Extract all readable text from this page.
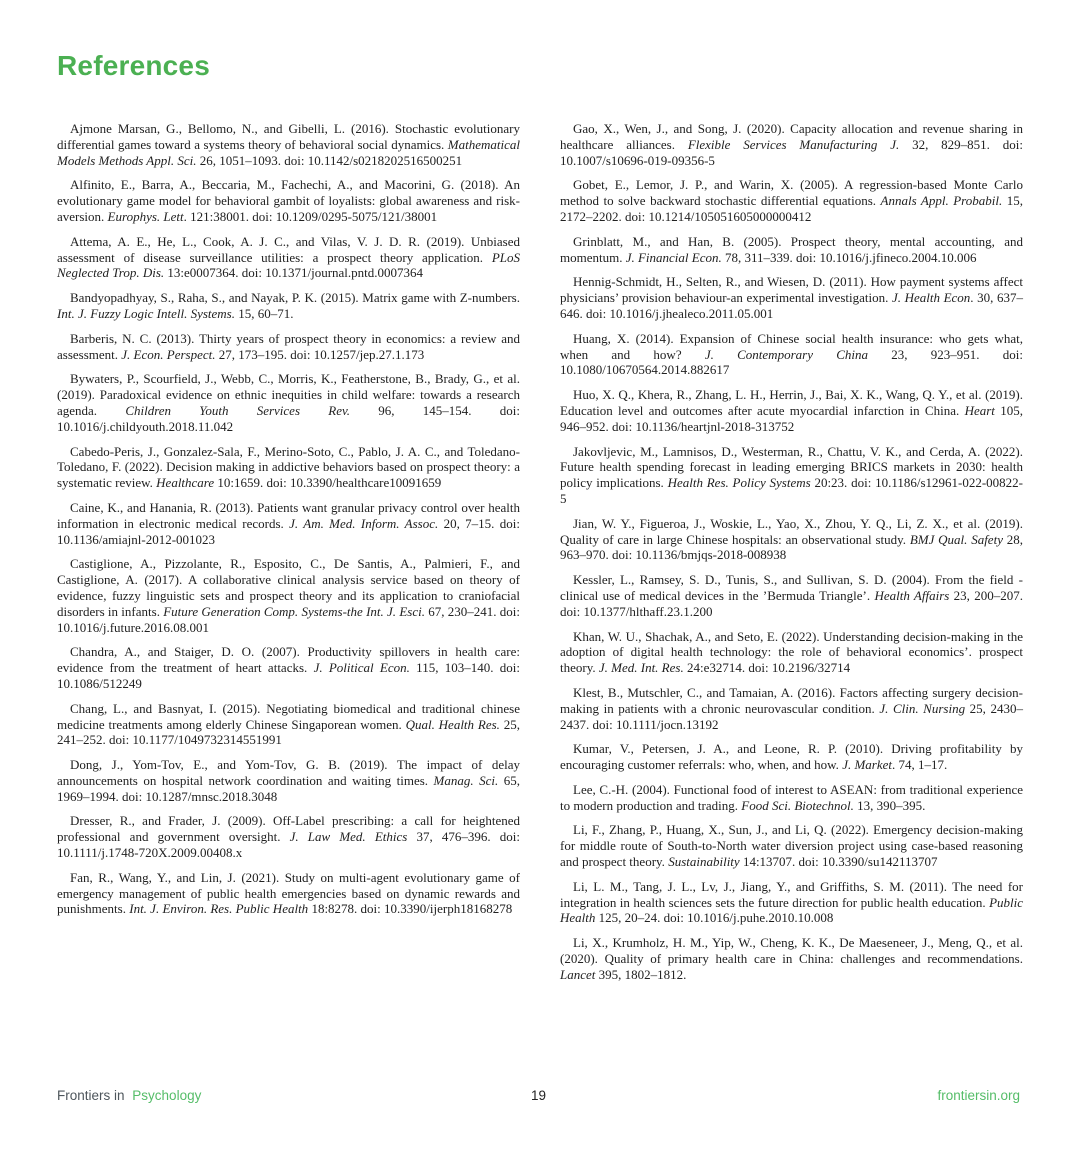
References

Ajmone Marsan, G., Bellomo, N., and Gibelli, L. (2016). Stochastic evolutionary differential games toward a systems theory of behavioral social dynamics. Mathematical Models Methods Appl. Sci. 26, 1051–1093. doi: 10.1142/s0218202516500251

Alfinito, E., Barra, A., Beccaria, M., Fachechi, A., and Macorini, G. (2018). An evolutionary game model for behavioral gambit of loyalists: global awareness and risk-aversion. Europhys. Lett. 121:38001. doi: 10.1209/0295-5075/121/38001

Attema, A. E., He, L., Cook, A. J. C., and Vilas, V. J. D. R. (2019). Unbiased assessment of disease surveillance utilities: a prospect theory application. PLoS Neglected Trop. Dis. 13:e0007364. doi: 10.1371/journal.pntd.0007364

Bandyopadhyay, S., Raha, S., and Nayak, P. K. (2015). Matrix game with Z-numbers. Int. J. Fuzzy Logic Intell. Systems. 15, 60–71.

Barberis, N. C. (2013). Thirty years of prospect theory in economics: a review and assessment. J. Econ. Perspect. 27, 173–195. doi: 10.1257/jep.27.1.173

Bywaters, P., Scourfield, J., Webb, C., Morris, K., Featherstone, B., Brady, G., et al. (2019). Paradoxical evidence on ethnic inequities in child welfare: towards a research agenda. Children Youth Services Rev. 96, 145–154. doi: 10.1016/j.childyouth.2018.11.042

Cabedo-Peris, J., Gonzalez-Sala, F., Merino-Soto, C., Pablo, J. A. C., and Toledano-Toledano, F. (2022). Decision making in addictive behaviors based on prospect theory: a systematic review. Healthcare 10:1659. doi: 10.3390/healthcare10091659

Caine, K., and Hanania, R. (2013). Patients want granular privacy control over health information in electronic medical records. J. Am. Med. Inform. Assoc. 20, 7–15. doi: 10.1136/amiajnl-2012-001023

Castiglione, A., Pizzolante, R., Esposito, C., De Santis, A., Palmieri, F., and Castiglione, A. (2017). A collaborative clinical analysis service based on theory of evidence, fuzzy linguistic sets and prospect theory and its application to craniofacial disorders in infants. Future Generation Comp. Systems-the Int. J. Esci. 67, 230–241. doi: 10.1016/j.future.2016.08.001

Chandra, A., and Staiger, D. O. (2007). Productivity spillovers in health care: evidence from the treatment of heart attacks. J. Political Econ. 115, 103–140. doi: 10.1086/512249

Chang, L., and Basnyat, I. (2015). Negotiating biomedical and traditional chinese medicine treatments among elderly Chinese Singaporean women. Qual. Health Res. 25, 241–252. doi: 10.1177/1049732314551991

Dong, J., Yom-Tov, E., and Yom-Tov, G. B. (2019). The impact of delay announcements on hospital network coordination and waiting times. Manag. Sci. 65, 1969–1994. doi: 10.1287/mnsc.2018.3048

Dresser, R., and Frader, J. (2009). Off-Label prescribing: a call for heightened professional and government oversight. J. Law Med. Ethics 37, 476–396. doi: 10.1111/j.1748-720X.2009.00408.x

Fan, R., Wang, Y., and Lin, J. (2021). Study on multi-agent evolutionary game of emergency management of public health emergencies based on dynamic rewards and punishments. Int. J. Environ. Res. Public Health 18:8278. doi: 10.3390/ijerph18168278

Gao, X., Wen, J., and Song, J. (2020). Capacity allocation and revenue sharing in healthcare alliances. Flexible Services Manufacturing J. 32, 829–851. doi: 10.1007/s10696-019-09356-5

Gobet, E., Lemor, J. P., and Warin, X. (2005). A regression-based Monte Carlo method to solve backward stochastic differential equations. Annals Appl. Probabil. 15, 2172–2202. doi: 10.1214/105051605000000412

Grinblatt, M., and Han, B. (2005). Prospect theory, mental accounting, and momentum. J. Financial Econ. 78, 311–339. doi: 10.1016/j.jfineco.2004.10.006

Hennig-Schmidt, H., Selten, R., and Wiesen, D. (2011). How payment systems affect physicians’ provision behaviour-an experimental investigation. J. Health Econ. 30, 637–646. doi: 10.1016/j.jhealeco.2011.05.001

Huang, X. (2014). Expansion of Chinese social health insurance: who gets what, when and how? J. Contemporary China 23, 923–951. doi: 10.1080/10670564.2014.882617

Huo, X. Q., Khera, R., Zhang, L. H., Herrin, J., Bai, X. K., Wang, Q. Y., et al. (2019). Education level and outcomes after acute myocardial infarction in China. Heart 105, 946–952. doi: 10.1136/heartjnl-2018-313752

Jakovljevic, M., Lamnisos, D., Westerman, R., Chattu, V. K., and Cerda, A. (2022). Future health spending forecast in leading emerging BRICS markets in 2030: health policy implications. Health Res. Policy Systems 20:23. doi: 10.1186/s12961-022-00822-5

Jian, W. Y., Figueroa, J., Woskie, L., Yao, X., Zhou, Y. Q., Li, Z. X., et al. (2019). Quality of care in large Chinese hospitals: an observational study. BMJ Qual. Safety 28, 963–970. doi: 10.1136/bmjqs-2018-008938

Kessler, L., Ramsey, S. D., Tunis, S., and Sullivan, S. D. (2004). From the field - clinical use of medical devices in the ’Bermuda Triangle’. Health Affairs 23, 200–207. doi: 10.1377/hlthaff.23.1.200

Khan, W. U., Shachak, A., and Seto, E. (2022). Understanding decision-making in the adoption of digital health technology: the role of behavioral economics’. prospect theory. J. Med. Int. Res. 24:e32714. doi: 10.2196/32714

Klest, B., Mutschler, C., and Tamaian, A. (2016). Factors affecting surgery decision-making in patients with a chronic neurovascular condition. J. Clin. Nursing 25, 2430–2437. doi: 10.1111/jocn.13192

Kumar, V., Petersen, J. A., and Leone, R. P. (2010). Driving profitability by encouraging customer referrals: who, when, and how. J. Market. 74, 1–17.

Lee, C.-H. (2004). Functional food of interest to ASEAN: from traditional experience to modern production and trading. Food Sci. Biotechnol. 13, 390–395.

Li, F., Zhang, P., Huang, X., Sun, J., and Li, Q. (2022). Emergency decision-making for middle route of South-to-North water diversion project using case-based reasoning and prospect theory. Sustainability 14:13707. doi: 10.3390/su142113707

Li, L. M., Tang, J. L., Lv, J., Jiang, Y., and Griffiths, S. M. (2011). The need for integration in health sciences sets the future direction for public health education. Public Health 125, 20–24. doi: 10.1016/j.puhe.2010.10.008

Li, X., Krumholz, H. M., Yip, W., Cheng, K. K., De Maeseneer, J., Meng, Q., et al. (2020). Quality of primary health care in China: challenges and recommendations. Lancet 395, 1802–1812.

Frontiers in Psychology	19	frontiersin.org
